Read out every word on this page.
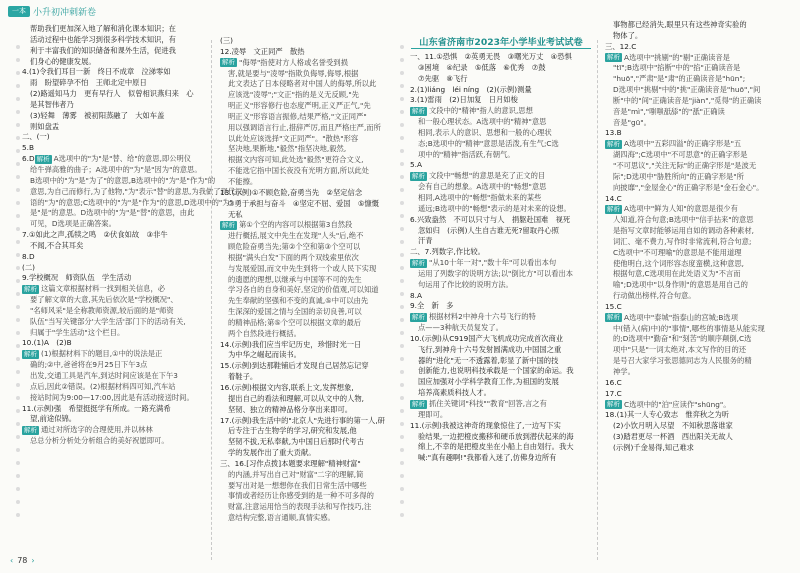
一本 小升初冲刺新卷
帮助我们更加深入地了解和消化课本知识；在
活动过程中也能学习到很多科学技术知识，有
利于丰富我们的知识储备和课外生活，促进我
们身心的健康发展。
4.(1)令我们耳目一新　终日不成章　泣涕零如
雨　盼望碎孕不怕　王师北定中原日
(2)路遥知马力　更有早行人　似曾相识燕归来　心
是其智伟者乃
(3)轻舞　薄雾　被初阳蒸融了　大如车盖
则如盘盂
二、(一)
5.B
6.D 解析 A选项中的"为"是"替、给"的意思,即公明仪
给牛弹高雅的曲子；A选项中的"为"是"因为"的意思。
B选项中的"为"是"为了"的意思,B选项中的"为"是"作为"的
意思,为自己而修行,为了他物,"为"表示"替"的意思,为我做了现代汉
语的"为"的意思;C选项中的"为"是"作为"的意思,D选项中的"为"
是"是"的意思。D选项中的"为"是"替"的意思，由此
可见，D选项是正确答案。
7.①如此之声,孤犊之鸣　②伏食如故　③非牛
不闻,不合其耳矣
8.D
(二)
9.学校概况　师资队伍　学生活动
解析 这篇文章根据材料一找到相关信息，必
要了解文章的大意,其先后依次是"学校概况"、
"名师风采"是全称教师资源,较后面的是"师资
队伍"当写关键部分'大学生活'部门下的活动有关,
归属于"学生活动"这个栏目。
10.(1)A　(2)B
解析 (1)根据材料下的题目,①中的说法是正
确的;②中,爸爸将在9月25日下午3点
出发,交通工具是汽车,到达时间应该是在下午3
点后,因此②错误。(2)根据材料四可知,汽车站
接站时间为9:00—17:00,因此是有活动接送时间。
11.(示例)强　希望挺挺学有所成。一路充满希
望,前途似锦。
解析 通过对所选字的合理使用,并以林林
总总分析分析处分析组合的美好祝愿即可。
(三)
12.凌辱　文正同严　散热
解析 "侮辱"指使对方人格或名誉受到损
害,就是要与"凌辱"指欺负侮辱,侮辱,根据
此文表达了日本侵略者对中国人的侮辱,所以此
应该选"凌辱";"文正"指的是义无反顾,"先
明正义"形容修行也态度严明,正义严正气,"先
明正义"形容语言振修,结果严格,"文正同严"
用以强调语言行止,措辞严厉,而且严格庄严,而所
以此处应该选择"文正同严"。"散热"形容
坚决地,果断地,"毅然"指坚决地,毅然,
根据文内容可知,此处选"毅然"更符合文义,
不能选它指中国长夜没有光明方面,所以此处
不能擦。
13.(示例)①不顾危险,奋勇当先　②坚定信念
③勇于承担与奋斗　④坚定不屈、爱国　⑤慷慨
无私
解析 第①个空的内容可以根据第3自然段
进行概括,展文中先生在发现"人头"后,绝不
顾危险奋勇当先;第②个空和第③个空可以
根据"满头白发"下面的两个双线索里依次
与发展爱国,而文中先生到将一个或人民下实现
的遗愿的理想,以继承与中国等不可的先生
学习各自的自身和美好,坚定的价值观,可以知道
先生奉献的坚强和不变的真诚,⑤中可以由先
生深深的爱国之情与全国的亲切良善,可以
的精神品格;第⑤个空可以根据文章的最后
两个自然段进行概括。
14.(示例)我们应当牢记历史，珍惜时光一日
为中华之崛起而读书。
15.(示例)到达那鞋铺后才发现自己居然忘记穿
着鞋子。
16.(示例)根据文内容,联系上文,发挥想象,
提出自己的看法和理解,可以从文中的人物,
坚韧、独立的精神品格分享出来即可。
17.(示例)我生活中的"北京人"先进行事的第一人,研
后专注于古生物学的学习,研究和发展,他
坚韧不拔,无私奉献,为中国日后那时代考古
学的发展作出了重大贡献。
三、16.[习作点拨]本题要求理解"精神财富"
的内涵,并写出自己对"财富"二字的理解,简
要写出对是一想想你在我们日常生活中哪些
事情或者经历让你感受到的是一种不可多得的
财富,注意运用恰当的表现手法和写作技巧,注
意结构完整,语言通顺,真情实感。
山东省济南市2023年小学毕业考试试卷
一、11.①恐惧　②英勇无畏　③曙光万丈　④恐惧
③困境　④纪录　⑤低落　⑥优秀　⑦鼓
⑦先驱　⑧飞行
2.(1)liáng　léi níng　(2)(示例)测量
3.(1)雷雨　(2)日加复　日月如梭
解析 文段中的"精神"指人的意识,思想
和一般心理状态。A选项中的"精神"意思
相同,表示人的意识、思想和一般的心理状
态;B选项中的"精神"意思是活泼,有生气;C选
项中的"精神"指活跃,有朝气。
5.A
解析 文段中"畅想"的意思是充了正文的目
会有自己的想象。A选项中的"畅想"意思
相同,A选项中的"畅想"指做未来的某些
遥远;B选项中的"畅想"表示的是对未来的设想。
6.兴致盎然　不可以只寸与人　捐躯赴国难　视死
忽如归　(示例)人生自古谁无死?留取丹心照
汗青
二、7.列数字,作比较。
解析 "从10十年一对","数十年"可以看出本句
运用了列数字的说明方法;以"倒比方"可以看出本
句运用了作比较的说明方法。
8.A
9.全　新　多
解析 根据材料2中神舟十六号飞行的特
点——3种航天员复发了。
10.(示例)从C919国产大飞机成功完成首次商业
飞行,到神舟十六号发射圆满成功,中国国之重
器的"进化"无一不透露着,彰显了新中国的技
创新能力,也说明科技承载是一个国家的命运。我
国应加强对小学科学教育工作,为祖国的发展
培养高素质科技人才。
解析 抓住关键词"科技""教育"回答,言之有
理即可。
11.(示例)我被这神奇的现象惊住了,一边写下实
验结果,一边把橙皮搬移和硬币放到潜伏起来的海
绵上,不幸的是把橙皮坐在小船上自由划行。我大
喊:"真有趣啊!"我都看入迷了,仿佛身边所有
事物都已经消失,眼里只有这些神奇实验的
物体了。
三、12.C
解析 A选项中"挑剔"的"剔"正确读音是
"tī";B选项中"掐断"中的"掐"正确读音是
"huō","严肃"是"肃"的正确读音是"hūn";
D选项中"挑剔"中的"挑"正确读音是"huō","间
断"中的"间"正确读音是"jiàn","觅得"的正确读
音是"mì","嗤嗤舐舔"的"舐"正确读
音是"gū"。
13.B
解析 A选项中"五彩四溢"的正确字形是"五
湖四海";C选项中"不可思意"的正确字形是
"不可思议","关注无际"的正确字形是"是波无
际";D选项中"胁胜所向"的正确字形是"所
向披靡","金屋金心"的正确字形是"金石金心"。
14.C
解析 A选项中"鲜为人知"的意思是很少有
人知道,符合句意;B选项中"信手拈来"的意思
是指写文章时能够运用自如的调动各种素材,
词汇、毫不费力,写作时非常流利,符合句意;
C选项中"不可理喻"的意思是不能用道理
使他明白,这个词形容态度蛮横,这种意思,
根据句意,C选项用在此处语义为"不言而
喻";D选项中"以身作则"的意思是用自己的
行动做出榜样,符合句意。
15.C
解析 A选项中"泰城"指泰山的宫城;B选项
中(错入(病)中)的"事情",哪些的事情是从能实现
的;D选项中"勤奋"和"刻苦"的顺序颠倒,C选
项中"只是"一词太绝对,本文写作的目的还
是号召大家学习张思德同志为人民服务的精
神学。
16.C
17.C
解析 C选项中的"泊"应读作"shūng"。
18.(1)其一人专心致志　惟弈秋之为听
(2)小饮月明入尽望　不知秋思落谁家
(3)踏君更尽一杯酒　西出阳关无故人
(示例)千金易得,知己难求
‹ 78 ›
